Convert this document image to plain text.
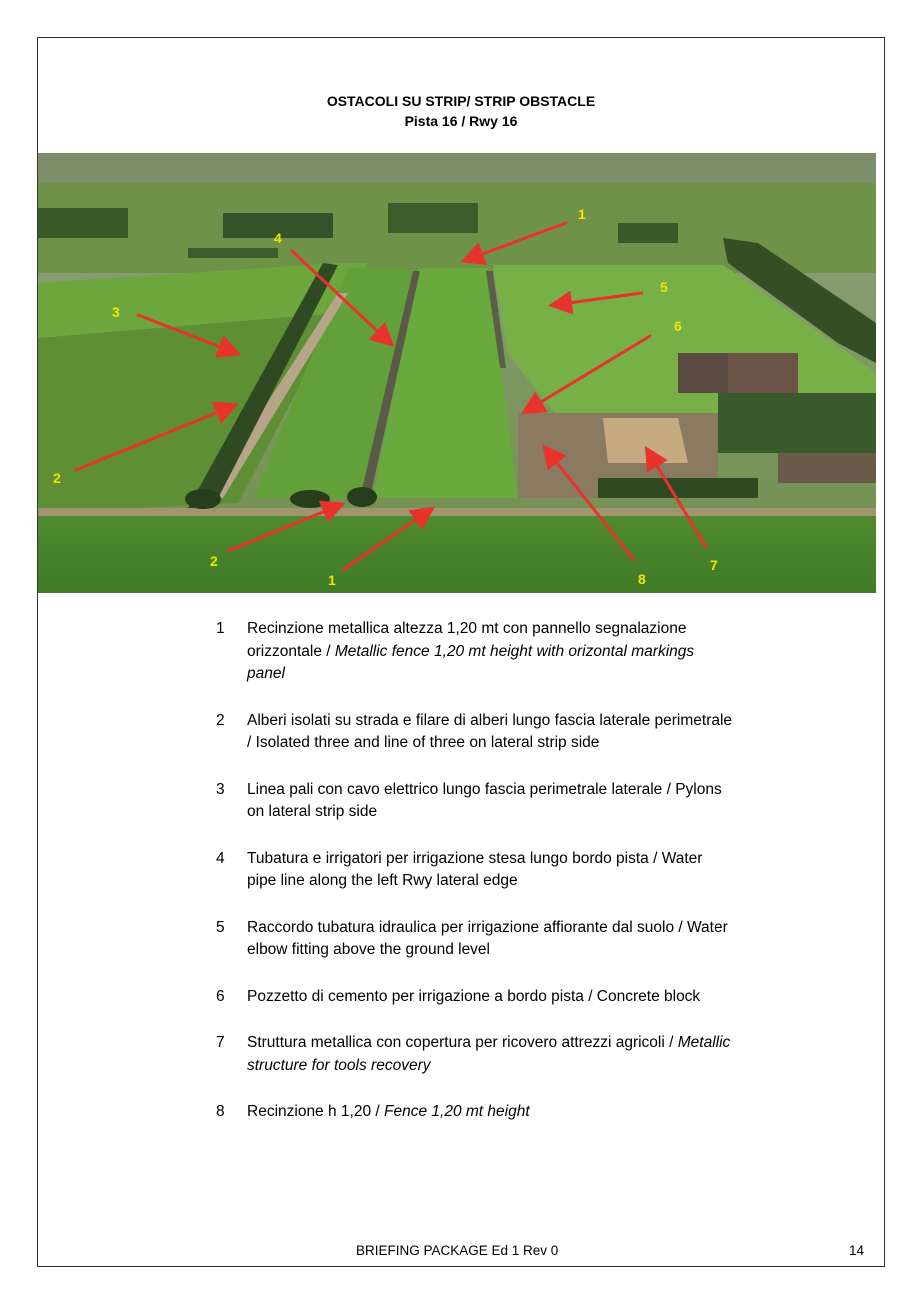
OSTACOLI SU STRIP/ STRIP OBSTACLE
Pista 16 / Rwy 16
1
4
5
3
6
2
2
1	8
7
1 Recinzione metallica altezza 1,20 mt con pannello segnalazione orizzontale / Metallic fence 1,20 mt height with orizontal markings panel
2 Alberi isolati su strada e filare di alberi lungo fascia laterale perimetrale / Isolated three and line of three on lateral strip side
3 Linea pali con cavo elettrico lungo fascia perimetrale laterale / Pylons on lateral strip side
4 Tubatura e irrigatori per irrigazione stesa lungo bordo pista / Water pipe line along the left Rwy lateral edge
5 Raccordo tubatura idraulica per irrigazione affiorante dal suolo / Water elbow fitting above the ground level
6 Pozzetto di cemento per irrigazione a bordo pista / Concrete block
7 Struttura metallica con copertura per ricovero attrezzi agricoli / Metallic structure for tools recovery
8 Recinzione h 1,20 / Fence 1,20 mt height
BRIEFING PACKAGE Ed 1 Rev 0	14
